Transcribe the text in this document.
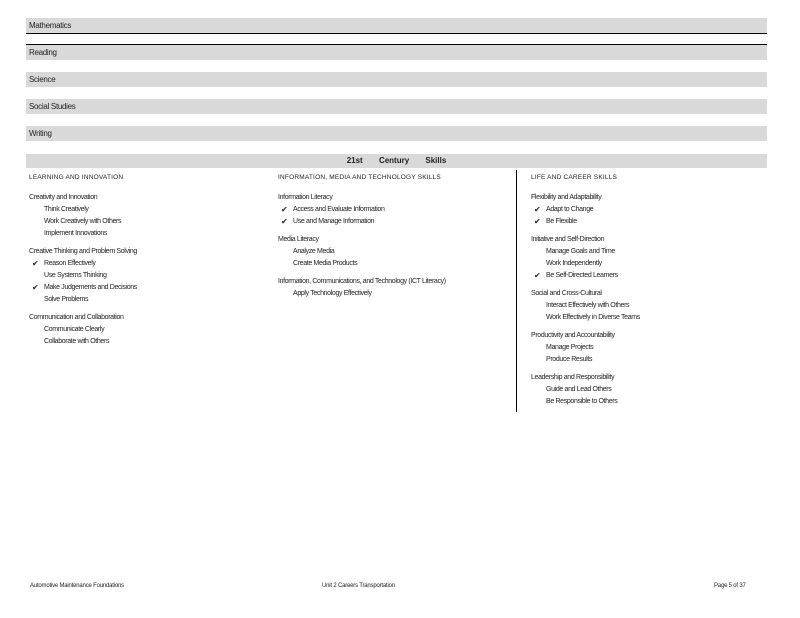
Mathematics
Reading
Science
Social Studies
Writing
21st Century Skills
LEARNING AND INNOVATION
Creativity and Innovation
Think Creatively
Work Creatively with Others
Implement Innovations
Creative Thinking and Problem Solving
✔ Reason Effectively
Use Systems Thinking
✔ Make Judgements and Decisions
Solve Problems
Communication and Collaboration
Communicate Clearly
Collaborate with Others
INFORMATION, MEDIA AND TECHNOLOGY SKILLS
Information Literacy
✔ Access and Evaluate Information
✔ Use and Manage Information
Media Literacy
Analyze Media
Create Media Products
Information, Communications, and Technology (ICT Literacy)
Apply Technology Effectively
LIFE AND CAREER SKILLS
Flexibility and Adaptability
✔ Adapt to Change
✔ Be Flexible
Initiative and Self-Direction
Manage Goals and Time
Work Independently
✔ Be Self-Directed Learners
Social and Cross-Cultural
Interact Effectively with Others
Work Effectively in Diverse Teams
Productivity and Accountability
Manage Projects
Produce Results
Leadership and Responsibility
Guide and Lead Others
Be Responsible to Others
Automotive Maintenance Foundations	Unit 2 Careers Transportation	Page 5 of 37
